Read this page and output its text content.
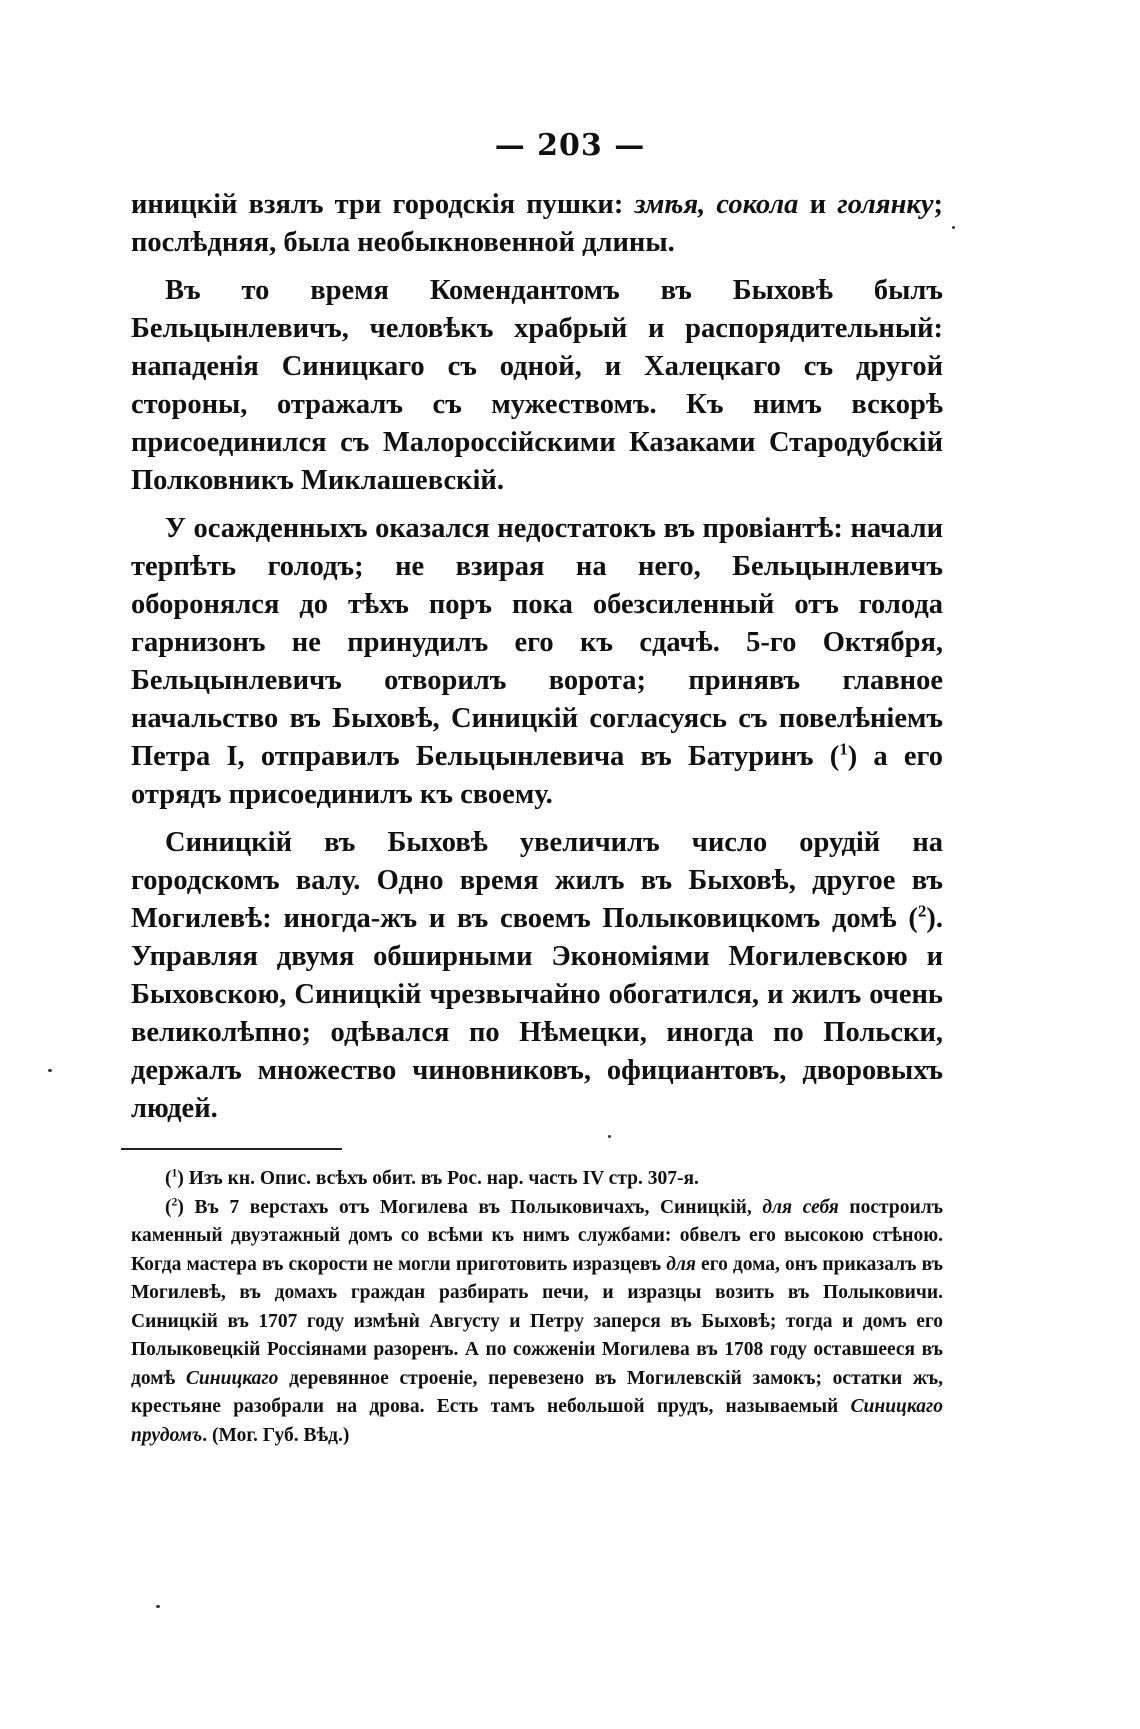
— 203 —

иницкій взялъ три городскія пушки: змѣя, сокола и голянку; послѣдняя, была необыкновенной длины.

Въ то время Комендантомъ въ Быховѣ былъ Бельцынлевичъ, человѣкъ храбрый и распорядительный: нападенія Синицкаго съ одной, и Халецкаго съ другой стороны, отражалъ съ мужествомъ. Къ нимъ вскорѣ присоединился съ Малороссійскими Казаками Стародубскій Полковникъ Миклашевскій.

У осажденныхъ оказался недостатокъ въ провіантѣ: начали терпѣть голодъ; не взирая на него, Бельцынлевичъ оборонялся до тѣхъ поръ пока обезсиленный отъ голода гарнизонъ не принудилъ его къ сдачѣ. 5-го Октября, Бельцынлевичъ отворилъ ворота; принявъ главное начальство въ Быховѣ, Синицкій согласуясь съ повелѣніемъ Петра I, отправилъ Бельцынлевича въ Батуринъ ($^1$) а его отрядъ присоединилъ къ своему.

Синицкій въ Быховѣ увеличилъ число орудій на городскомъ валу. Одно время жилъ въ Быховѣ, другое въ Могилевѣ: иногда-жъ и въ своемъ Полыковицкомъ домѣ ($^2$). Управляя двумя обширными Экономіями Могилевскою и Быховскою, Синицкій чрезвычайно обогатился, и жилъ очень великолѣпно; одѣвался по Нѣмецки, иногда по Польски, держалъ множество чиновниковъ, официантовъ, дворовыхъ людей.

($^1$) Изъ кн. Опис. всѣхъ обит. въ Рос. нар. часть IV стр. 307-я.

($^2$) Въ 7 верстахъ отъ Могилева въ Полыковичахъ, Синицкій, для себя построилъ каменный двуэтажный домъ со всѣми къ нимъ службами: обвелъ его высокою стѣною. Когда мастера въ скорости не могли приготовить изразцевъ для его дома, онъ приказалъ въ Могилевѣ, въ домахъ граждан разбирать печи, и изразцы возить въ Полыковичи. Синицкій въ 1707 году измѣнѝ Августу и Петру заперся въ Быховѣ; тогда и домъ его Полыковецкій Россіянами разоренъ. А по сожженіи Могилева въ 1708 году оставшееся въ домѣ Синицкаго деревянное строеніе, перевезено въ Могилевскій замокъ; остатки жъ, крестьяне разобрали на дрова. Есть тамъ небольшой прудъ, называемый Синицкаго прудомъ. (Мог. Губ. Вѣд.)
